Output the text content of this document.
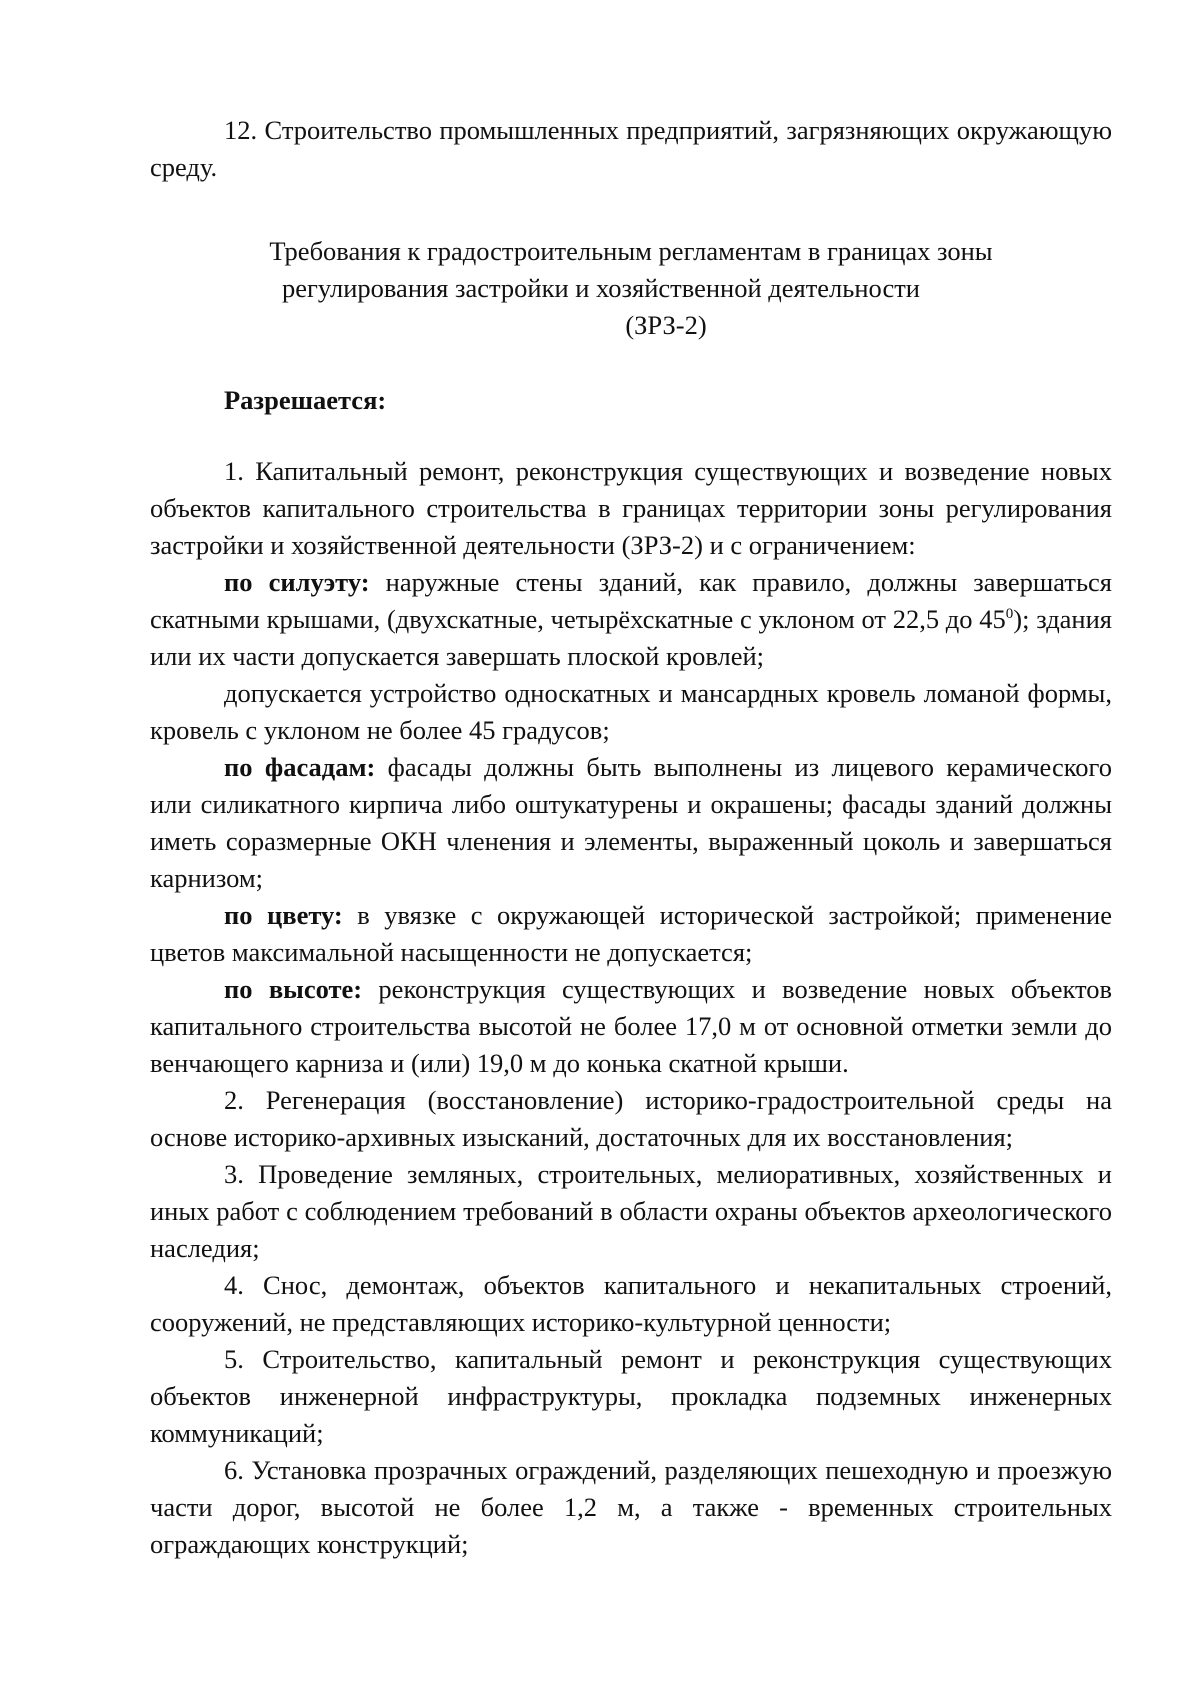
12. Строительство промышленных предприятий, загрязняющих окружающую среду.

Требования к градостроительным регламентам в границах зоны
регулирования застройки и хозяйственной деятельности
(ЗРЗ-2)

Разрешается:

1. Капитальный ремонт, реконструкция существующих и возведение новых объектов капитального строительства в границах территории зоны регулирования застройки и хозяйственной деятельности (ЗРЗ-2) и с ограничением:

по силуэту: наружные стены зданий, как правило, должны завершаться скатными крышами, (двухскатные, четырёхскатные с уклоном от 22,5 до $45^0$); здания или их части допускается завершать плоской кровлей;

допускается устройство односкатных и мансардных кровель ломаной формы, кровель с уклоном не более 45 градусов;

по фасадам: фасады должны быть выполнены из лицевого керамического или силикатного кирпича либо оштукатурены и окрашены; фасады зданий должны иметь соразмерные ОКН членения и элементы, выраженный цоколь и завершаться карнизом;

по цвету: в увязке с окружающей исторической застройкой; применение цветов максимальной насыщенности не допускается;

по высоте: реконструкция существующих и возведение новых объектов капитального строительства высотой не более 17,0 м от основной отметки земли до венчающего карниза и (или) 19,0 м до конька скатной крыши.

2. Регенерация (восстановление) историко-градостроительной среды на основе историко-архивных изысканий, достаточных для их восстановления;

3. Проведение земляных, строительных, мелиоративных, хозяйственных и иных работ с соблюдением требований в области охраны объектов археологического наследия;

4. Снос, демонтаж, объектов капитального и некапитальных строений, сооружений, не представляющих историко-культурной ценности;

5. Строительство, капитальный ремонт и реконструкция существующих объектов инженерной инфраструктуры, прокладка подземных инженерных коммуникаций;

6. Установка прозрачных ограждений, разделяющих пешеходную и проезжую части дорог, высотой не более 1,2 м, а также - временных строительных ограждающих конструкций;
